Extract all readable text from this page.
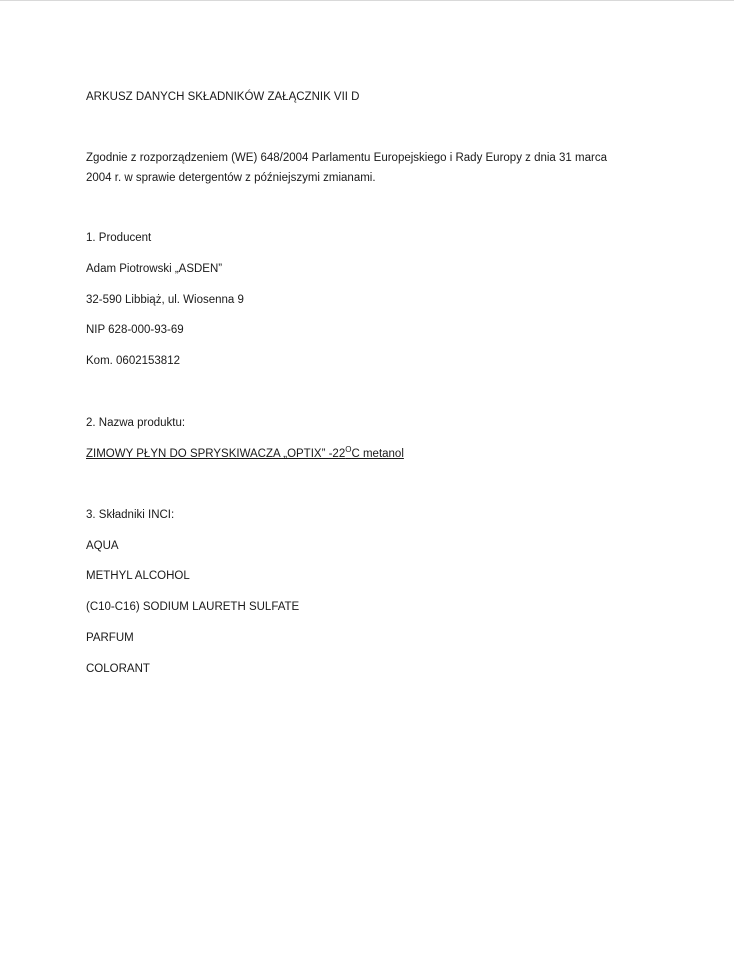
ARKUSZ DANYCH SKŁADNIKÓW ZAŁĄCZNIK VII D
Zgodnie z rozporządzeniem (WE) 648/2004 Parlamentu Europejskiego i Rady Europy z dnia 31 marca 2004 r. w sprawie detergentów z późniejszymi zmianami.
1. Producent
Adam Piotrowski „ASDEN”
32-590 Libbiąż, ul. Wiosenna 9
NIP 628-000-93-69
Kom. 0602153812
2. Nazwa produktu:
ZIMOWY PŁYN DO SPRYSKIWACZA „OPTIX” $-22^OC$ metanol
3. Składniki INCI:
AQUA
METHYL ALCOHOL
(C10-C16) SODIUM LAURETH SULFATE
PARFUM
COLORANT
